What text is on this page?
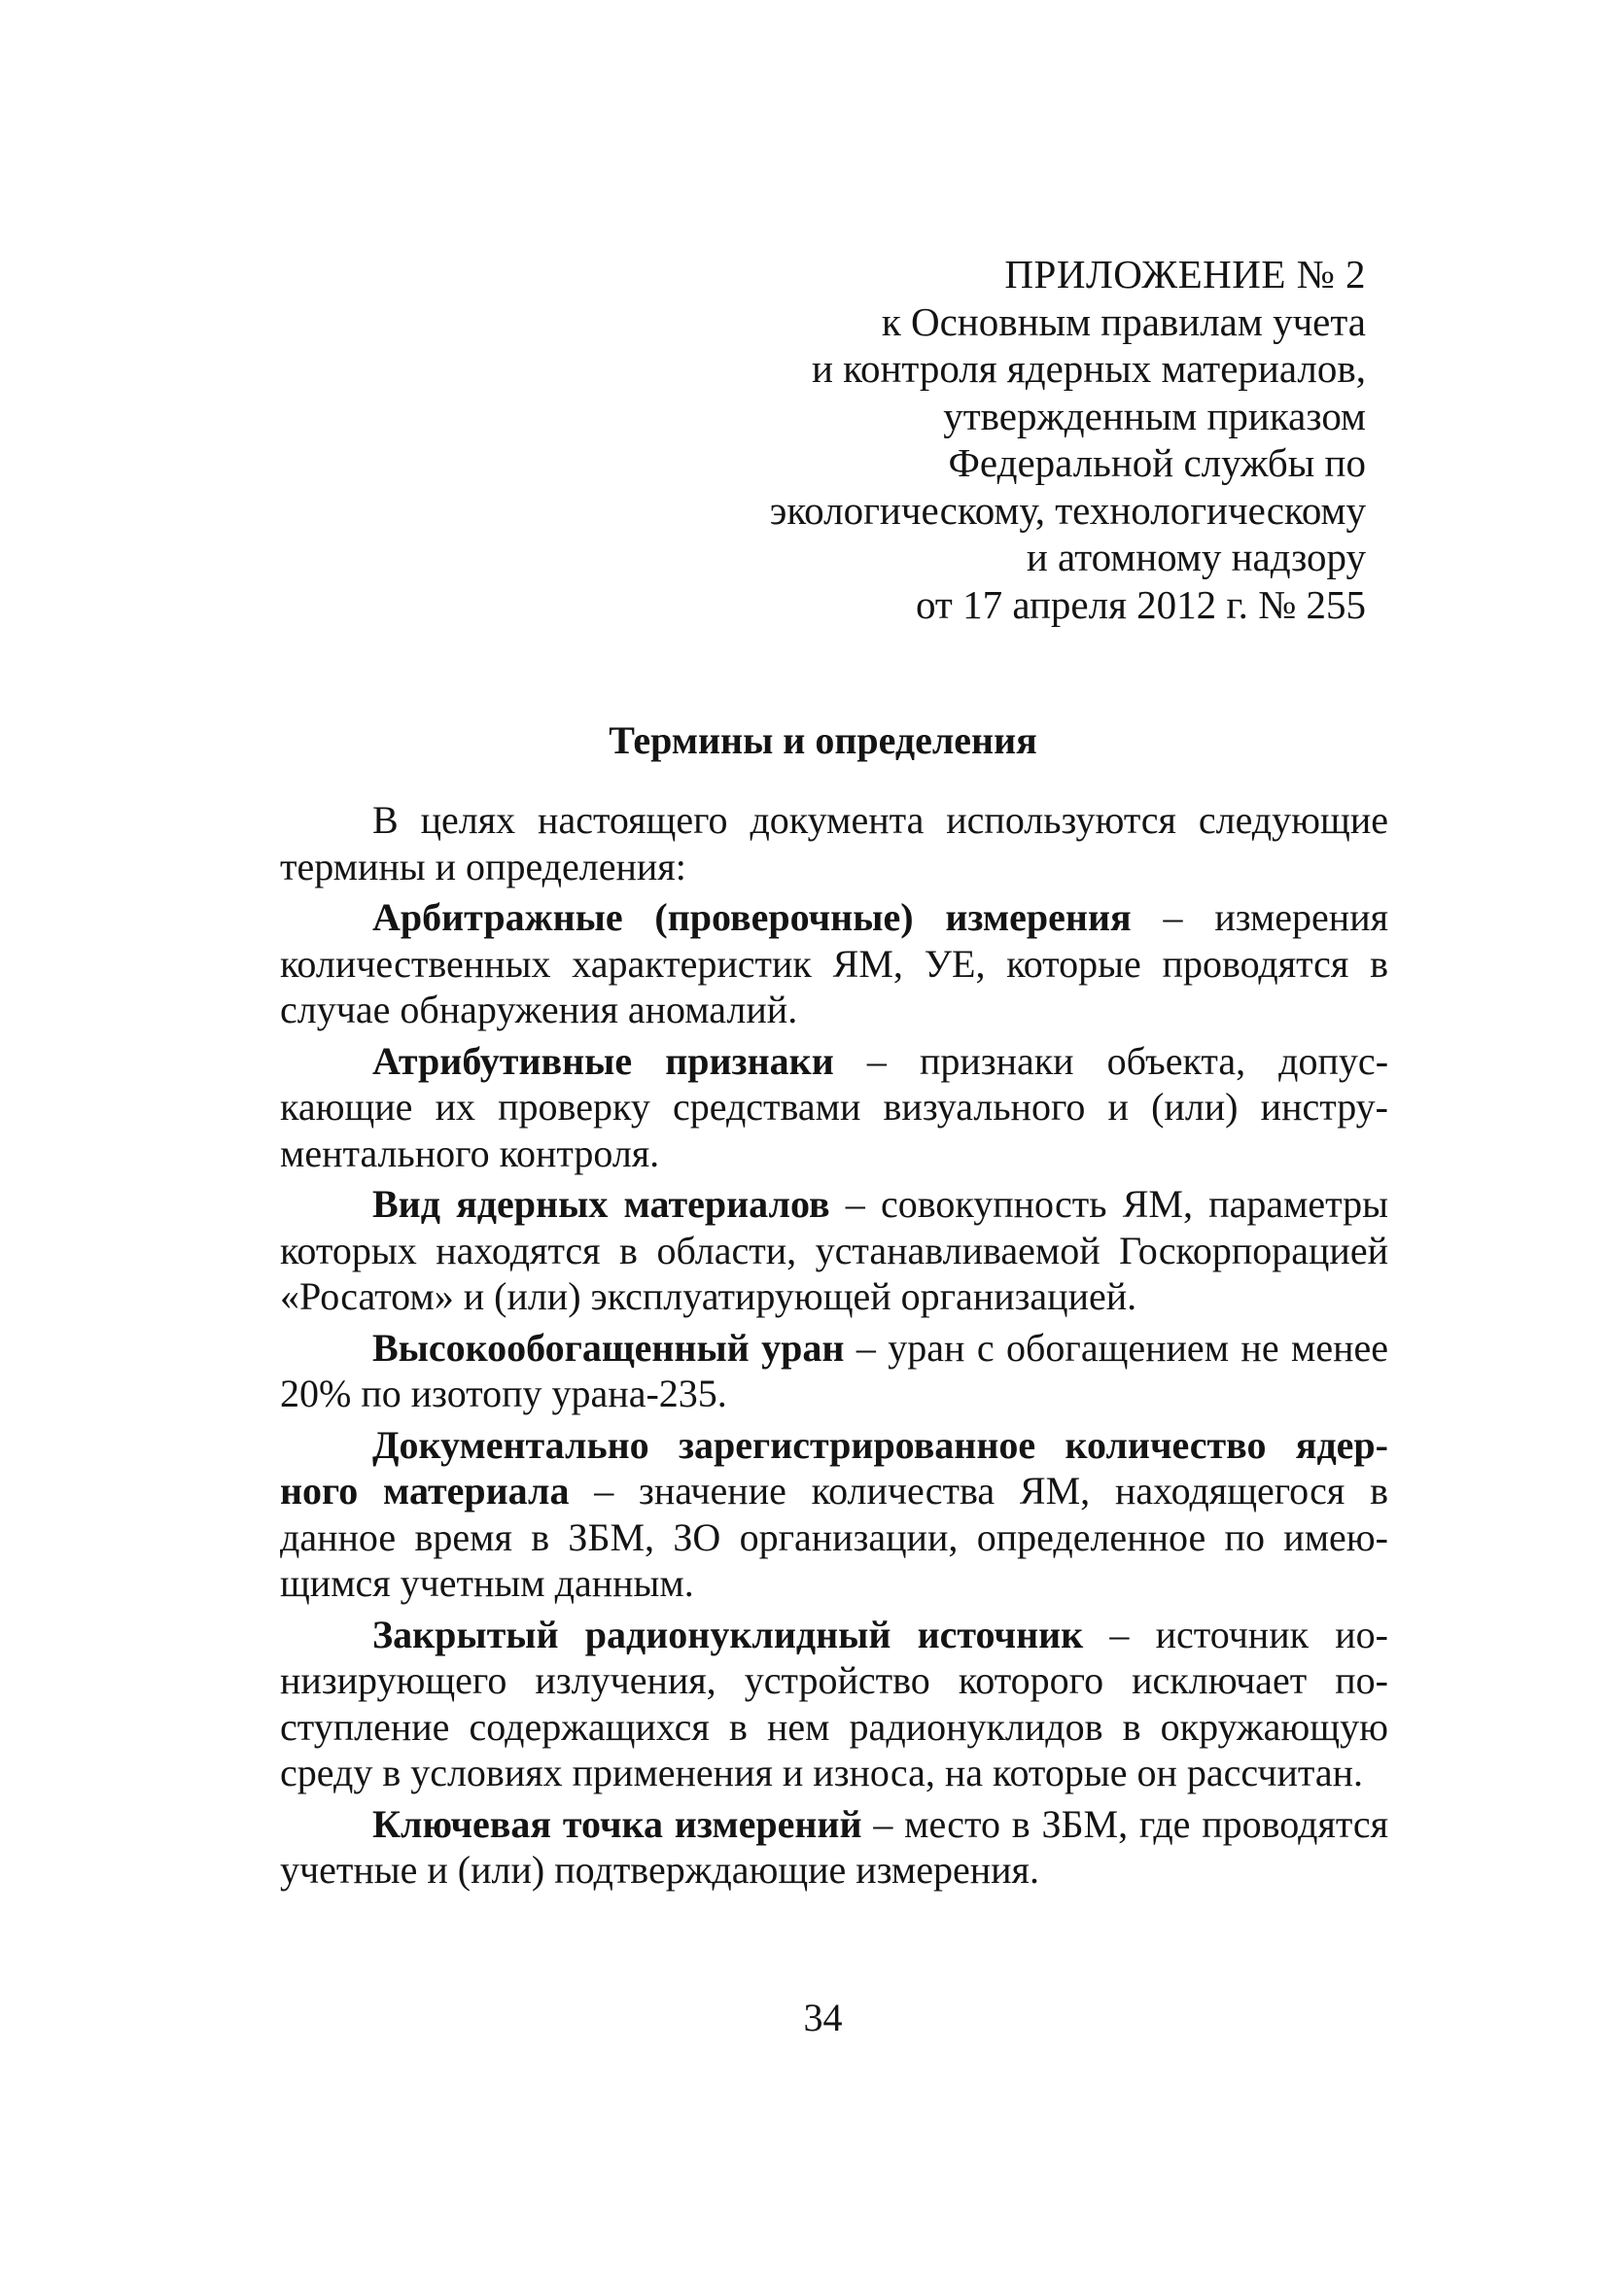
ПРИЛОЖЕНИЕ № 2
к Основным правилам учета
и контроля ядерных материалов,
утвержденным приказом
Федеральной службы по
экологическому, технологическому
и атомному надзору
от 17 апреля 2012 г. № 255
Термины и определения

В целях настоящего документа используются следующие термины и определения:

Арбитражные (проверочные) измерения – измерения количественных характеристик ЯМ, УЕ, которые проводятся в случае обнаружения аномалий.

Атрибутивные признаки – признаки объекта, допускающие их проверку средствами визуального и (или) инструментального контроля.

Вид ядерных материалов – совокупность ЯМ, параметры которых находятся в области, устанавливаемой Госкорпорацией «Росатом» и (или) эксплуатирующей организацией.

Высокообогащенный уран – уран с обогащением не менее 20% по изотопу урана-235.

Документально зарегистрированное количество ядерного материала – значение количества ЯМ, находящегося в данное время в ЗБМ, ЗО организации, определенное по имеющимся учетным данным.

Закрытый радионуклидный источник – источник ионизирующего излучения, устройство которого исключает поступление содержащихся в нем радионуклидов в окружающую среду в условиях применения и износа, на которые он рассчитан.

Ключевая точка измерений – место в ЗБМ, где проводятся учетные и (или) подтверждающие измерения.

34
